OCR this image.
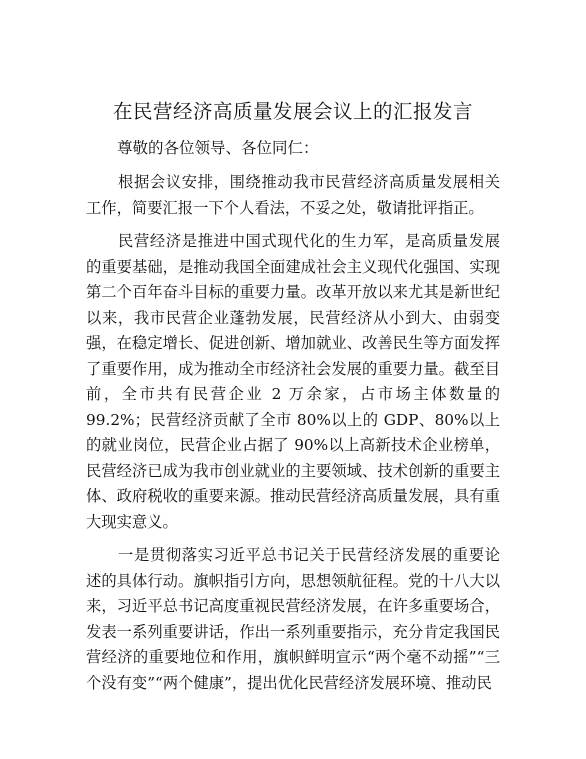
在民营经济高质量发展会议上的汇报发言
尊敬的各位领导、各位同仁：

根据会议安排，围绕推动我市民营经济高质量发展相关工作，简要汇报一下个人看法，不妥之处，敬请批评指正。

民营经济是推进中国式现代化的生力军，是高质量发展的重要基础，是推动我国全面建成社会主义现代化强国、实现第二个百年奋斗目标的重要力量。改革开放以来尤其是新世纪以来，我市民营企业蓬勃发展，民营经济从小到大、由弱变强，在稳定增长、促进创新、增加就业、改善民生等方面发挥了重要作用，成为推动全市经济社会发展的重要力量。截至目前，全市共有民营企业 2 万余家，占市场主体数量的 99.2%；民营经济贡献了全市 80%以上的 GDP、80%以上的就业岗位，民营企业占据了 90%以上高新技术企业榜单，民营经济已成为我市创业就业的主要领域、技术创新的重要主体、政府税收的重要来源。推动民营经济高质量发展，具有重大现实意义。

一是贯彻落实习近平总书记关于民营经济发展的重要论述的具体行动。旗帜指引方向，思想领航征程。党的十八大以来，习近平总书记高度重视民营经济发展，在许多重要场合，发表一系列重要讲话，作出一系列重要指示，充分肯定我国民营经济的重要地位和作用，旗帜鲜明宣示“两个毫不动摇”“三个没有变”“两个健康”，提出优化民营经济发展环境、推动民
